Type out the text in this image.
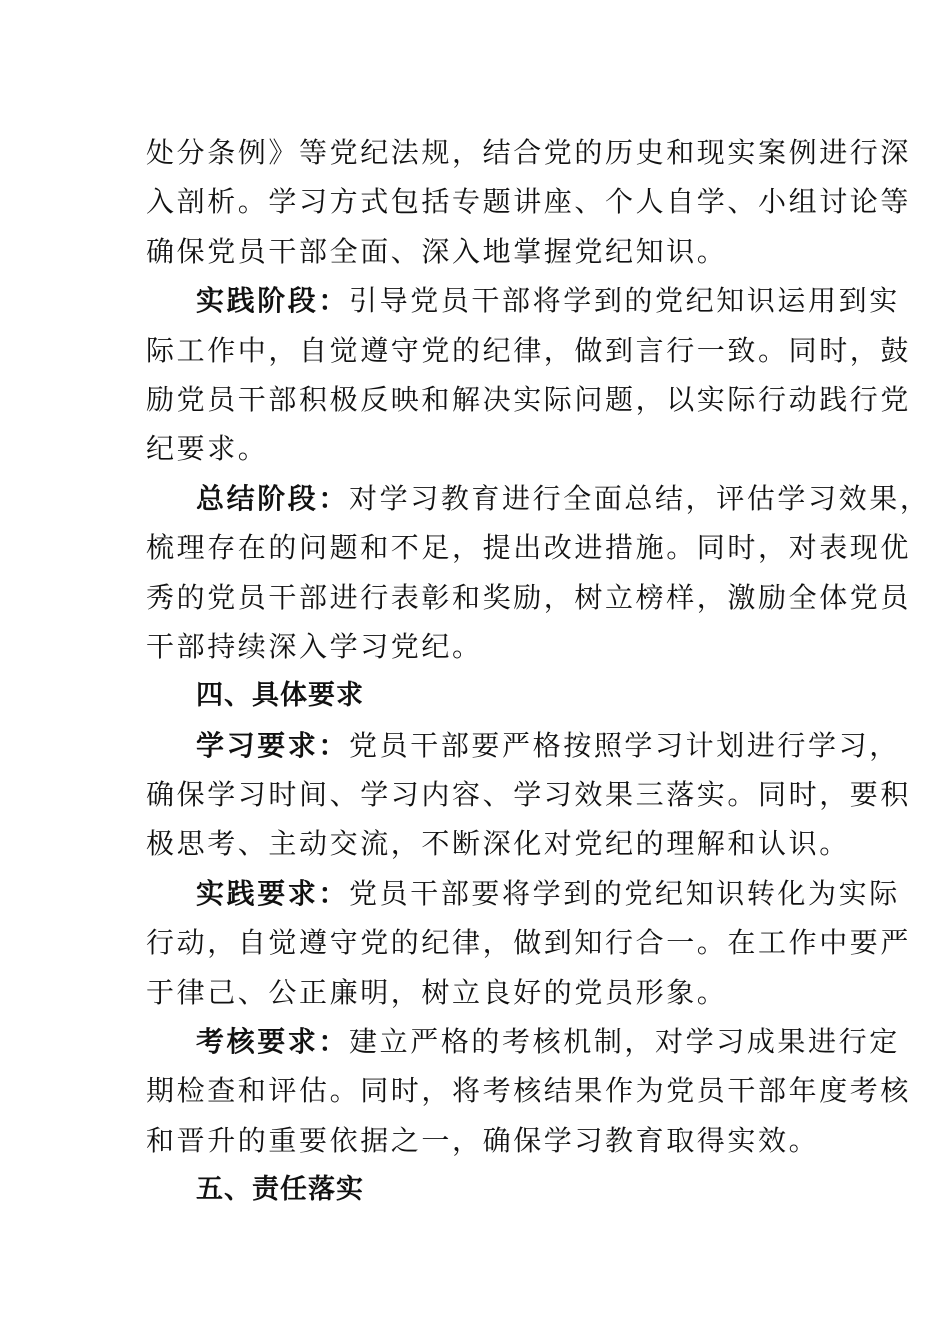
处分条例》等党纪法规，结合党的历史和现实案例进行深
入剖析。学习方式包括专题讲座、个人自学、小组讨论等
确保党员干部全面、深入地掌握党纪知识。
实践阶段：引导党员干部将学到的党纪知识运用到实
际工作中，自觉遵守党的纪律，做到言行一致。同时，鼓
励党员干部积极反映和解决实际问题，以实际行动践行党
纪要求。
总结阶段：对学习教育进行全面总结，评估学习效果，
梳理存在的问题和不足，提出改进措施。同时，对表现优
秀的党员干部进行表彰和奖励，树立榜样，激励全体党员
干部持续深入学习党纪。
四、具体要求
学习要求：党员干部要严格按照学习计划进行学习，
确保学习时间、学习内容、学习效果三落实。同时，要积
极思考、主动交流，不断深化对党纪的理解和认识。
实践要求：党员干部要将学到的党纪知识转化为实际
行动，自觉遵守党的纪律，做到知行合一。在工作中要严
于律己、公正廉明，树立良好的党员形象。
考核要求：建立严格的考核机制，对学习成果进行定
期检查和评估。同时，将考核结果作为党员干部年度考核
和晋升的重要依据之一，确保学习教育取得实效。
五、责任落实
